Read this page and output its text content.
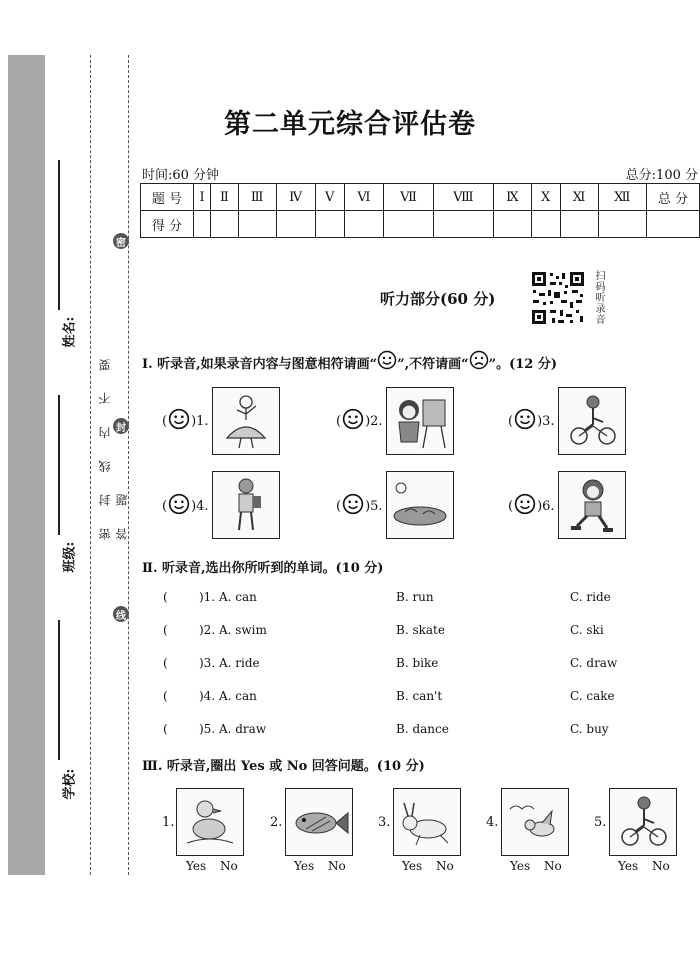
姓名:
班级:
学校:
密
封
线
密 封 线 内 不 要 答 题
第二单元综合评估卷
时间:60 分钟	总分:100 分
题 号	Ⅰ	Ⅱ	Ⅲ	Ⅳ	Ⅴ	Ⅵ	Ⅶ	Ⅷ	Ⅸ	Ⅹ	Ⅺ	Ⅻ	总 分
得 分													
听力部分(60 分)	扫码听录音
Ⅰ. 听录音,如果录音内容与图意相符请画“ ”,不符请画“ ”。(12 分)
( ) 1.	( ) 2.	( ) 3.
( ) 4.	( ) 5.	( ) 6.
Ⅱ. 听录音,选出你所听到的单词。(10 分)
(	)1. A. can	B. run	C. ride
(	)2. A. swim	B. skate	C. ski
(	)3. A. ride	B. bike	C. draw
(	)4. A. can	B. can't	C. cake
(	)5. A. draw	B. dance	C. buy
Ⅲ. 听录音,圈出 Yes 或 No 回答问题。(10 分)
1.
Yes No
2.
Yes No
3.
Yes No
4.
Yes No
5.
Yes No
